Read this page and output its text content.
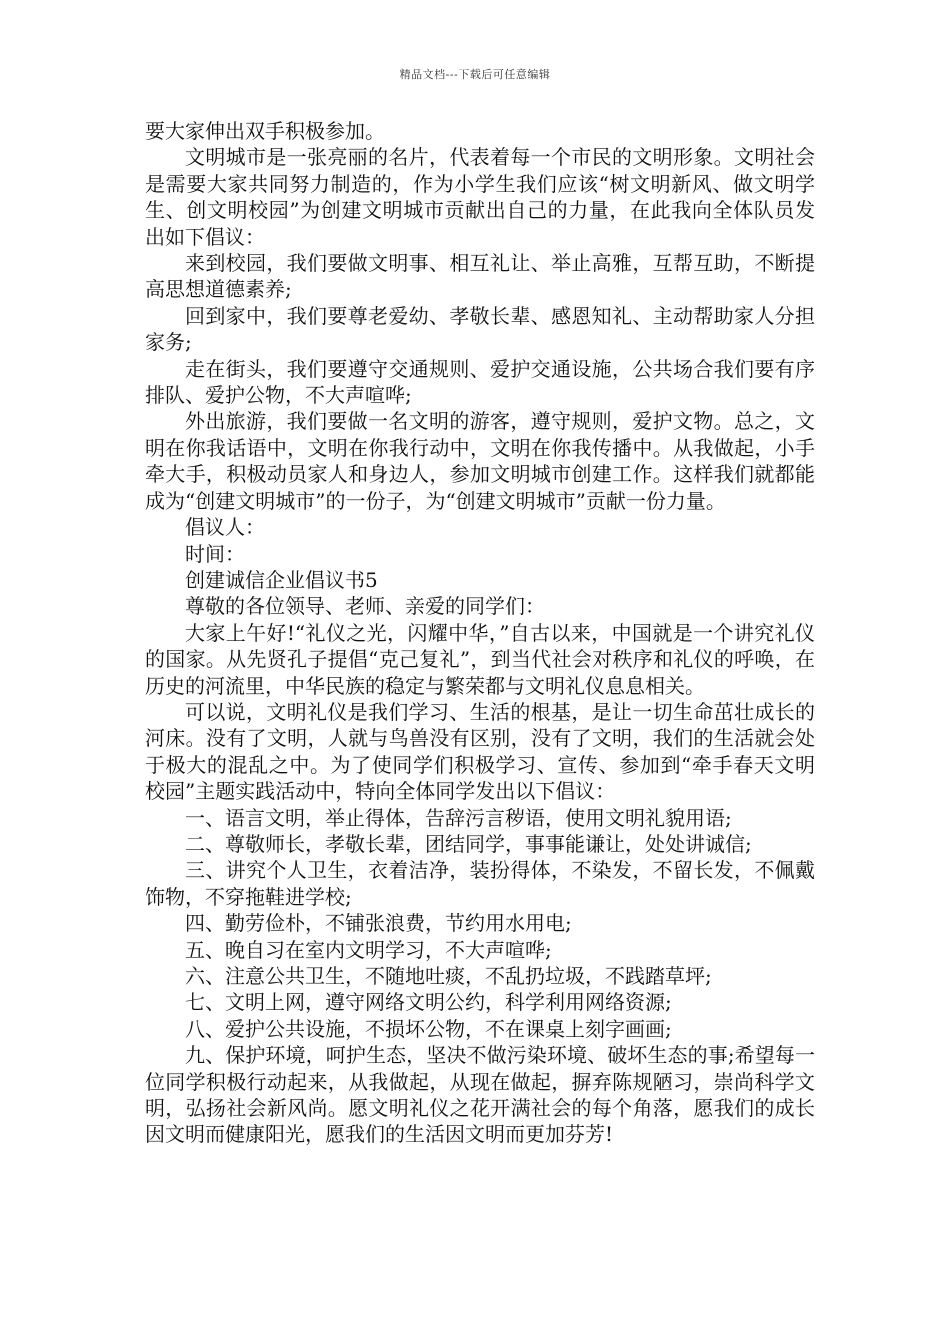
精品文档---下载后可任意编辑

要大家伸出双手积极参加。

文明城市是一张亮丽的名片，代表着每一个市民的文明形象。文明社会是需要大家共同努力制造的，作为小学生我们应该“树文明新风、做文明学生、创文明校园”为创建文明城市贡献出自己的力量，在此我向全体队员发出如下倡议：

来到校园，我们要做文明事、相互礼让、举止高雅，互帮互助，不断提高思想道德素养;

回到家中，我们要尊老爱幼、孝敬长辈、感恩知礼、主动帮助家人分担家务;

走在街头，我们要遵守交通规则、爱护交通设施，公共场合我们要有序排队、爱护公物，不大声喧哗;

外出旅游，我们要做一名文明的游客，遵守规则，爱护文物。总之，文明在你我话语中，文明在你我行动中，文明在你我传播中。从我做起，小手牵大手，积极动员家人和身边人，参加文明城市创建工作。这样我们就都能成为“创建文明城市”的一份子，为“创建文明城市”贡献一份力量。

倡议人：

时间：

创建诚信企业倡议书5

尊敬的各位领导、老师、亲爱的同学们：

大家上午好!“礼仪之光，闪耀中华，”自古以来，中国就是一个讲究礼仪的国家。从先贤孔子提倡“克己复礼”，到当代社会对秩序和礼仪的呼唤，在历史的河流里，中华民族的稳定与繁荣都与文明礼仪息息相关。

可以说，文明礼仪是我们学习、生活的根基，是让一切生命茁壮成长的河床。没有了文明，人就与鸟兽没有区别，没有了文明，我们的生活就会处于极大的混乱之中。为了使同学们积极学习、宣传、参加到“牵手春天文明校园”主题实践活动中，特向全体同学发出以下倡议：

一、语言文明，举止得体，告辞污言秽语，使用文明礼貌用语;

二、尊敬师长，孝敬长辈，团结同学，事事能谦让，处处讲诚信;

三、讲究个人卫生，衣着洁净，装扮得体，不染发，不留长发，不佩戴饰物，不穿拖鞋进学校;

四、勤劳俭朴，不铺张浪费，节约用水用电;

五、晚自习在室内文明学习，不大声喧哗;

六、注意公共卫生，不随地吐痰，不乱扔垃圾，不践踏草坪;

七、文明上网，遵守网络文明公约，科学利用网络资源;

八、爱护公共设施，不损坏公物，不在课桌上刻字画画;

九、保护环境，呵护生态，坚决不做污染环境、破坏生态的事;希望每一位同学积极行动起来，从我做起，从现在做起，摒弃陈规陋习，崇尚科学文明，弘扬社会新风尚。愿文明礼仪之花开满社会的每个角落，愿我们的成长因文明而健康阳光，愿我们的生活因文明而更加芬芳!
